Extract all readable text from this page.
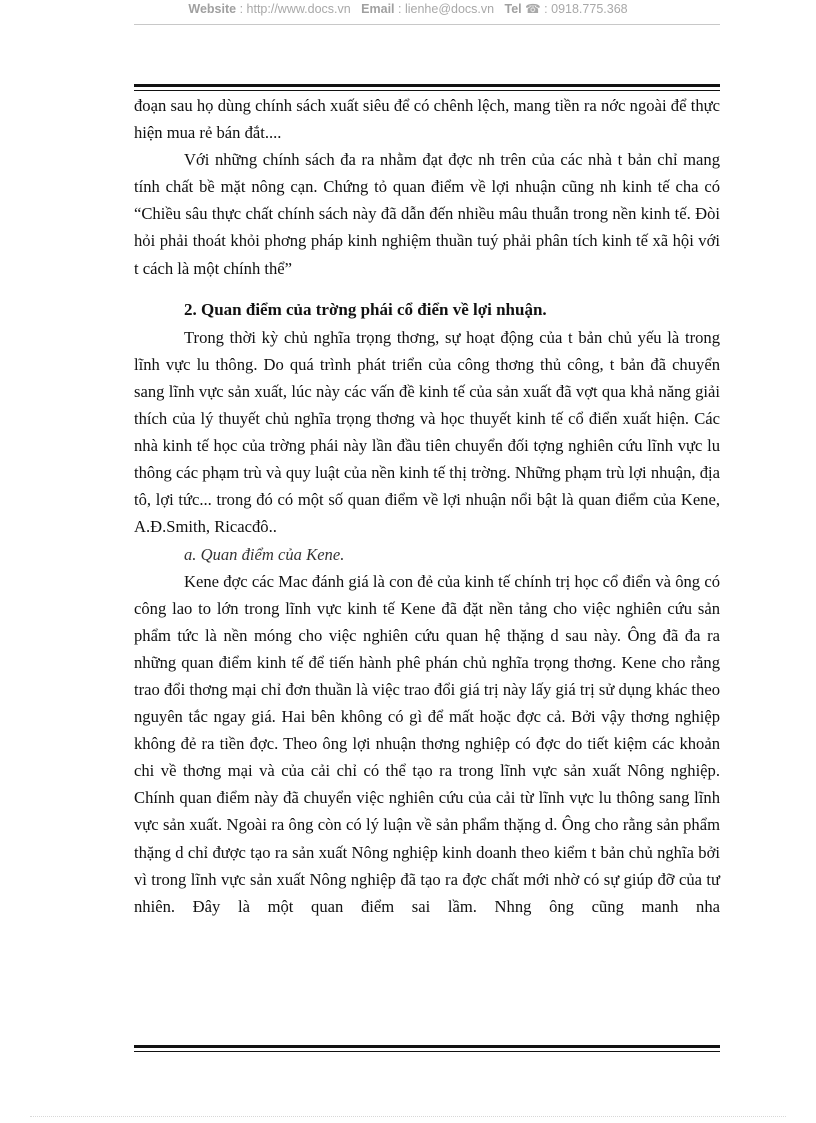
Website : http://www.docs.vn Email : lienhe@docs.vn Tel ☎ : 0918.775.368

đoạn sau họ dùng chính sách xuất siêu để có chênh lệch, mang tiền ra nớc ngoài để thực hiện mua rẻ bán đắt....

Với những chính sách đa ra nhằm đạt đợc nh trên của các nhà t bản chỉ mang tính chất bề mặt nông cạn. Chứng tỏ quan điểm về lợi nhuận cũng nh kinh tế cha có “Chiều sâu thực chất chính sách này đã dẫn đến nhiều mâu thuẫn trong nền kinh tế. Đòi hỏi phải thoát khỏi phơng pháp kinh nghiệm thuần tuý phải phân tích kinh tế xã hội với t cách là một chính thể”

2. Quan điểm của trờng phái cổ điển về lợi nhuận.

Trong thời kỳ chủ nghĩa trọng thơng, sự hoạt động của t bản chủ yếu là trong lĩnh vực lu thông. Do quá trình phát triển của công thơng thủ công, t bản đã chuyển sang lĩnh vực sản xuất, lúc này các vấn đề kinh tế của sản xuất đã vợt qua khả năng giải thích của lý thuyết chủ nghĩa trọng thơng và học thuyết kinh tế cổ điển xuất hiện. Các nhà kinh tế học của trờng phái này lần đầu tiên chuyển đối tợng nghiên cứu lĩnh vực lu thông các phạm trù và quy luật của nền kinh tế thị trờng. Những phạm trù lợi nhuận, địa tô, lợi tức... trong đó có một số quan điểm về lợi nhuận nổi bật là quan điểm của Kene, A.Đ.Smith, Ricacđô..

a. Quan điểm của Kene.

Kene đợc các Mac đánh giá là con đẻ của kinh tế chính trị học cổ điển và ông có công lao to lớn trong lĩnh vực kinh tế Kene đã đặt nền tảng cho việc nghiên cứu sản phẩm tức là nền móng cho việc nghiên cứu quan hệ thặng d sau này. Ông đã đa ra những quan điểm kinh tế để tiến hành phê phán chủ nghĩa trọng thơng. Kene cho rằng trao đổi thơng mại chỉ đơn thuần là việc trao đổi giá trị này lấy giá trị sử dụng khác theo nguyên tắc ngay giá. Hai bên không có gì để mất hoặc đợc cả. Bởi vậy thơng nghiệp không đẻ ra tiền đợc. Theo ông lợi nhuận thơng nghiệp có đợc do tiết kiệm các khoản chi về thơng mại và của cải chỉ có thể tạo ra trong lĩnh vực sản xuất Nông nghiệp. Chính quan điểm này đã chuyển việc nghiên cứu của cải từ lĩnh vực lu thông sang lĩnh vực sản xuất. Ngoài ra ông còn có lý luận về sản phẩm thặng d. Ông cho rằng sản phẩm thặng d chỉ được tạo ra sản xuất Nông nghiệp kinh doanh theo kiểm t bản chủ nghĩa bởi vì trong lĩnh vực sản xuất Nông nghiệp đã tạo ra đợc chất mới nhờ có sự giúp đỡ của tư nhiên. Đây là một quan điểm sai lầm. Nhng ông cũng manh nha
